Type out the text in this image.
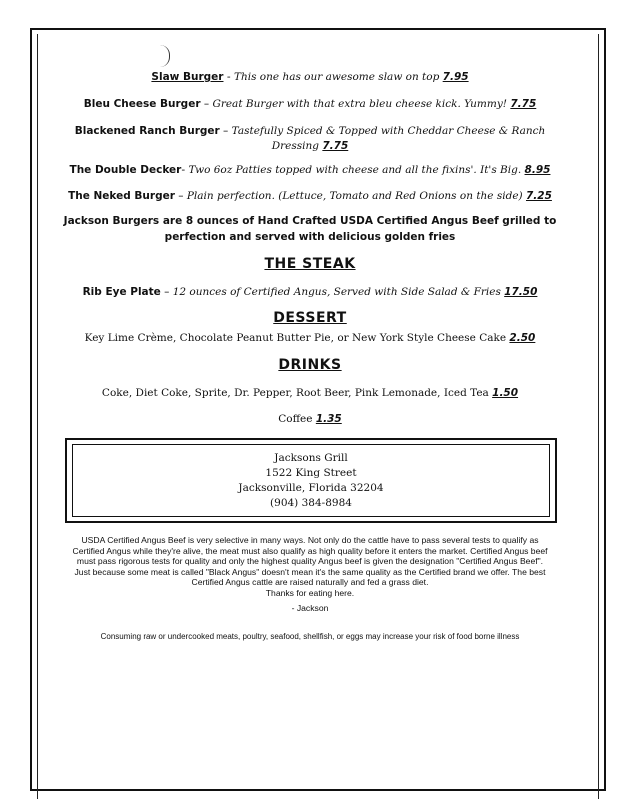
Slaw Burger - This one has our awesome slaw on top 7.95
Bleu Cheese Burger – Great Burger with that extra bleu cheese kick. Yummy! 7.75
Blackened Ranch Burger – Tastefully Spiced & Topped with Cheddar Cheese & Ranch
Dressing 7.75
The Double Decker- Two 6oz Patties topped with cheese and all the fixins'. It's Big. 8.95
The Neked Burger – Plain perfection. (Lettuce, Tomato and Red Onions on the side) 7.25
Jackson Burgers are 8 ounces of Hand Crafted USDA Certified Angus Beef grilled to
perfection and served with delicious golden fries
THE STEAK
Rib Eye Plate – 12 ounces of Certified Angus, Served with Side Salad & Fries 17.50
DESSERT
Key Lime Crème, Chocolate Peanut Butter Pie, or New York Style Cheese Cake 2.50
DRINKS
Coke, Diet Coke, Sprite, Dr. Pepper, Root Beer, Pink Lemonade, Iced Tea 1.50
Coffee 1.35
Jacksons Grill
1522 King Street
Jacksonville, Florida 32204
(904) 384-8984
USDA Certified Angus Beef is very selective in many ways. Not only do the cattle have to pass several tests to qualify as Certified Angus while they're alive, the meat must also qualify as high quality before it enters the market. Certified Angus beef must pass rigorous tests for quality and only the highest quality Angus beef is given the designation "Certified Angus Beef". Just because some meat is called "Black Angus" doesn't mean it's the same quality as the Certified brand we offer. The best Certified Angus cattle are raised naturally and fed a grass diet.
Thanks for eating here.
- Jackson
Consuming raw or undercooked meats, poultry, seafood, shellfish, or eggs may increase your risk of food borne illness
